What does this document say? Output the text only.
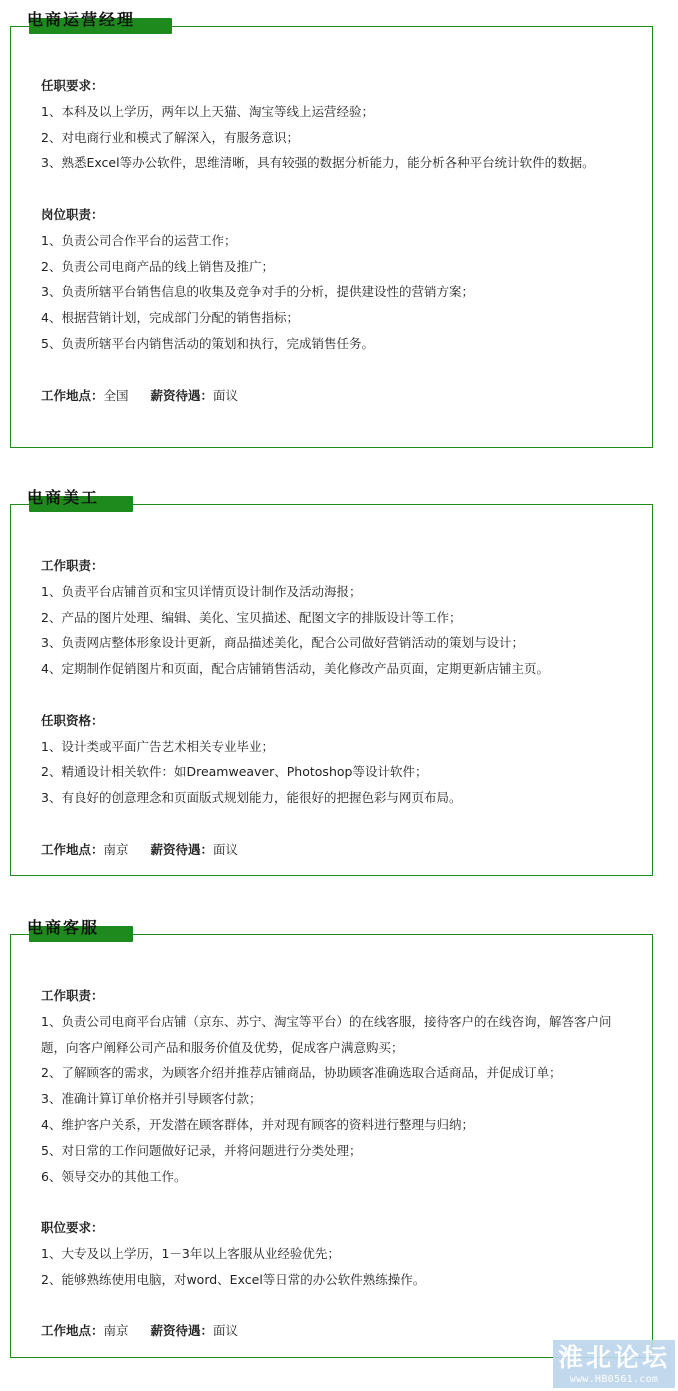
电商运营经理
任职要求：
1、本科及以上学历，两年以上天猫、淘宝等线上运营经验；
2、对电商行业和模式了解深入，有服务意识；
3、熟悉Excel等办公软件，思维清晰，具有较强的数据分析能力，能分析各种平台统计软件的数据。
岗位职责：
1、负责公司合作平台的运营工作；
2、负责公司电商产品的线上销售及推广；
3、负责所辖平台销售信息的收集及竞争对手的分析，提供建设性的营销方案；
4、根据营销计划，完成部门分配的销售指标；
5、负责所辖平台内销售活动的策划和执行，完成销售任务。
工作地点：全国 薪资待遇：面议
电商美工
工作职责：
1、负责平台店铺首页和宝贝详情页设计制作及活动海报；
2、产品的图片处理、编辑、美化、宝贝描述、配图文字的排版设计等工作；
3、负责网店整体形象设计更新，商品描述美化，配合公司做好营销活动的策划与设计；
4、定期制作促销图片和页面，配合店铺销售活动，美化修改产品页面，定期更新店铺主页。
任职资格：
1、设计类或平面广告艺术相关专业毕业；
2、精通设计相关软件：如Dreamweaver、Photoshop等设计软件；
3、有良好的创意理念和页面版式规划能力，能很好的把握色彩与网页布局。
工作地点：南京 薪资待遇：面议
电商客服
工作职责：
1、负责公司电商平台店铺（京东、苏宁、淘宝等平台）的在线客服，接待客户的在线咨询，解答客户问题，向客户阐释公司产品和服务价值及优势，促成客户满意购买；
2、了解顾客的需求，为顾客介绍并推荐店铺商品，协助顾客准确选取合适商品，并促成订单；
3、准确计算订单价格并引导顾客付款；
4、维护客户关系，开发潜在顾客群体，并对现有顾客的资料进行整理与归纳；
5、对日常的工作问题做好记录，并将问题进行分类处理；
6、领导交办的其他工作。
职位要求：
1、大专及以上学历，1－3年以上客服从业经验优先；
2、能够熟练使用电脑，对word、Excel等日常的办公软件熟练操作。
工作地点：南京 薪资待遇：面议
淮北论坛
www.HB0561.com
